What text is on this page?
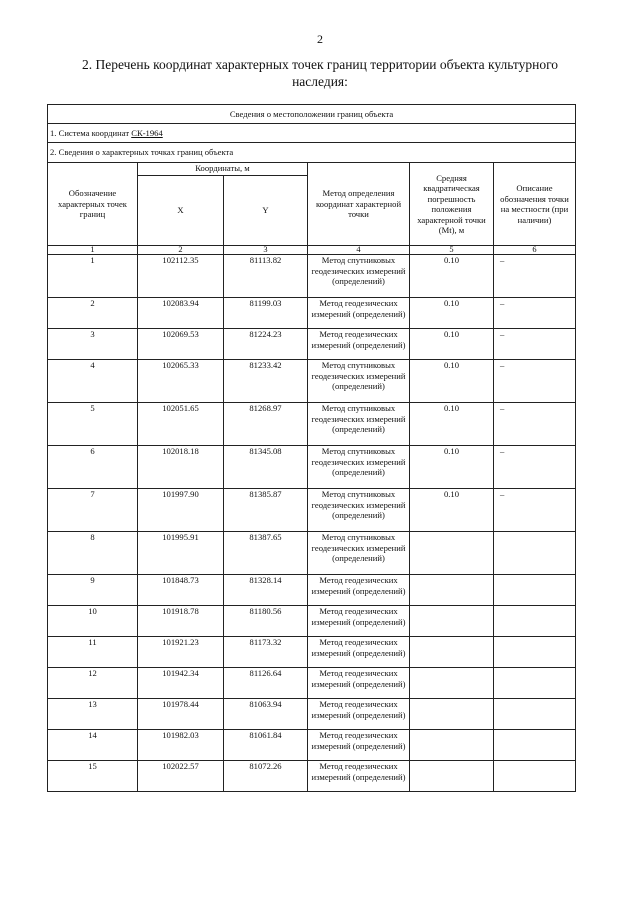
2
2. Перечень координат характерных точек границ территории объекта культурного наследия:
Сведения о местоположении границ объекта					
1. Система координат СК-1964					
2. Сведения о характерных точках границ объекта					
Обозначение характерных точек границ	Координаты, м		Метод определения координат характерной точки	Средняя квадратическая погрешность положения характерной точки (Mt), м	Описание обозначения точки на местности (при наличии)
	X	Y			
1	2	3	4	5	6
1	102112.35	81113.82	Метод спутниковых геодезических измерений (определений)	0.10	–
2	102083.94	81199.03	Метод геодезических измерений (определений)	0.10	–
3	102069.53	81224.23	Метод геодезических измерений (определений)	0.10	–
4	102065.33	81233.42	Метод спутниковых геодезических измерений (определений)	0.10	–
5	102051.65	81268.97	Метод спутниковых геодезических измерений (определений)	0.10	–
6	102018.18	81345.08	Метод спутниковых геодезических измерений (определений)	0.10	–
7	101997.90	81385.87	Метод спутниковых геодезических измерений (определений)	0.10	–
8	101995.91	81387.65	Метод спутниковых геодезических измерений (определений)		
9	101848.73	81328.14	Метод геодезических измерений (определений)		
10	101918.78	81180.56	Метод геодезических измерений (определений)		
11	101921.23	81173.32	Метод геодезических измерений (определений)		
12	101942.34	81126.64	Метод геодезических измерений (определений)		
13	101978.44	81063.94	Метод геодезических измерений (определений)		
14	101982.03	81061.84	Метод геодезических измерений (определений)		
15	102022.57	81072.26	Метод геодезических измерений (определений)		
